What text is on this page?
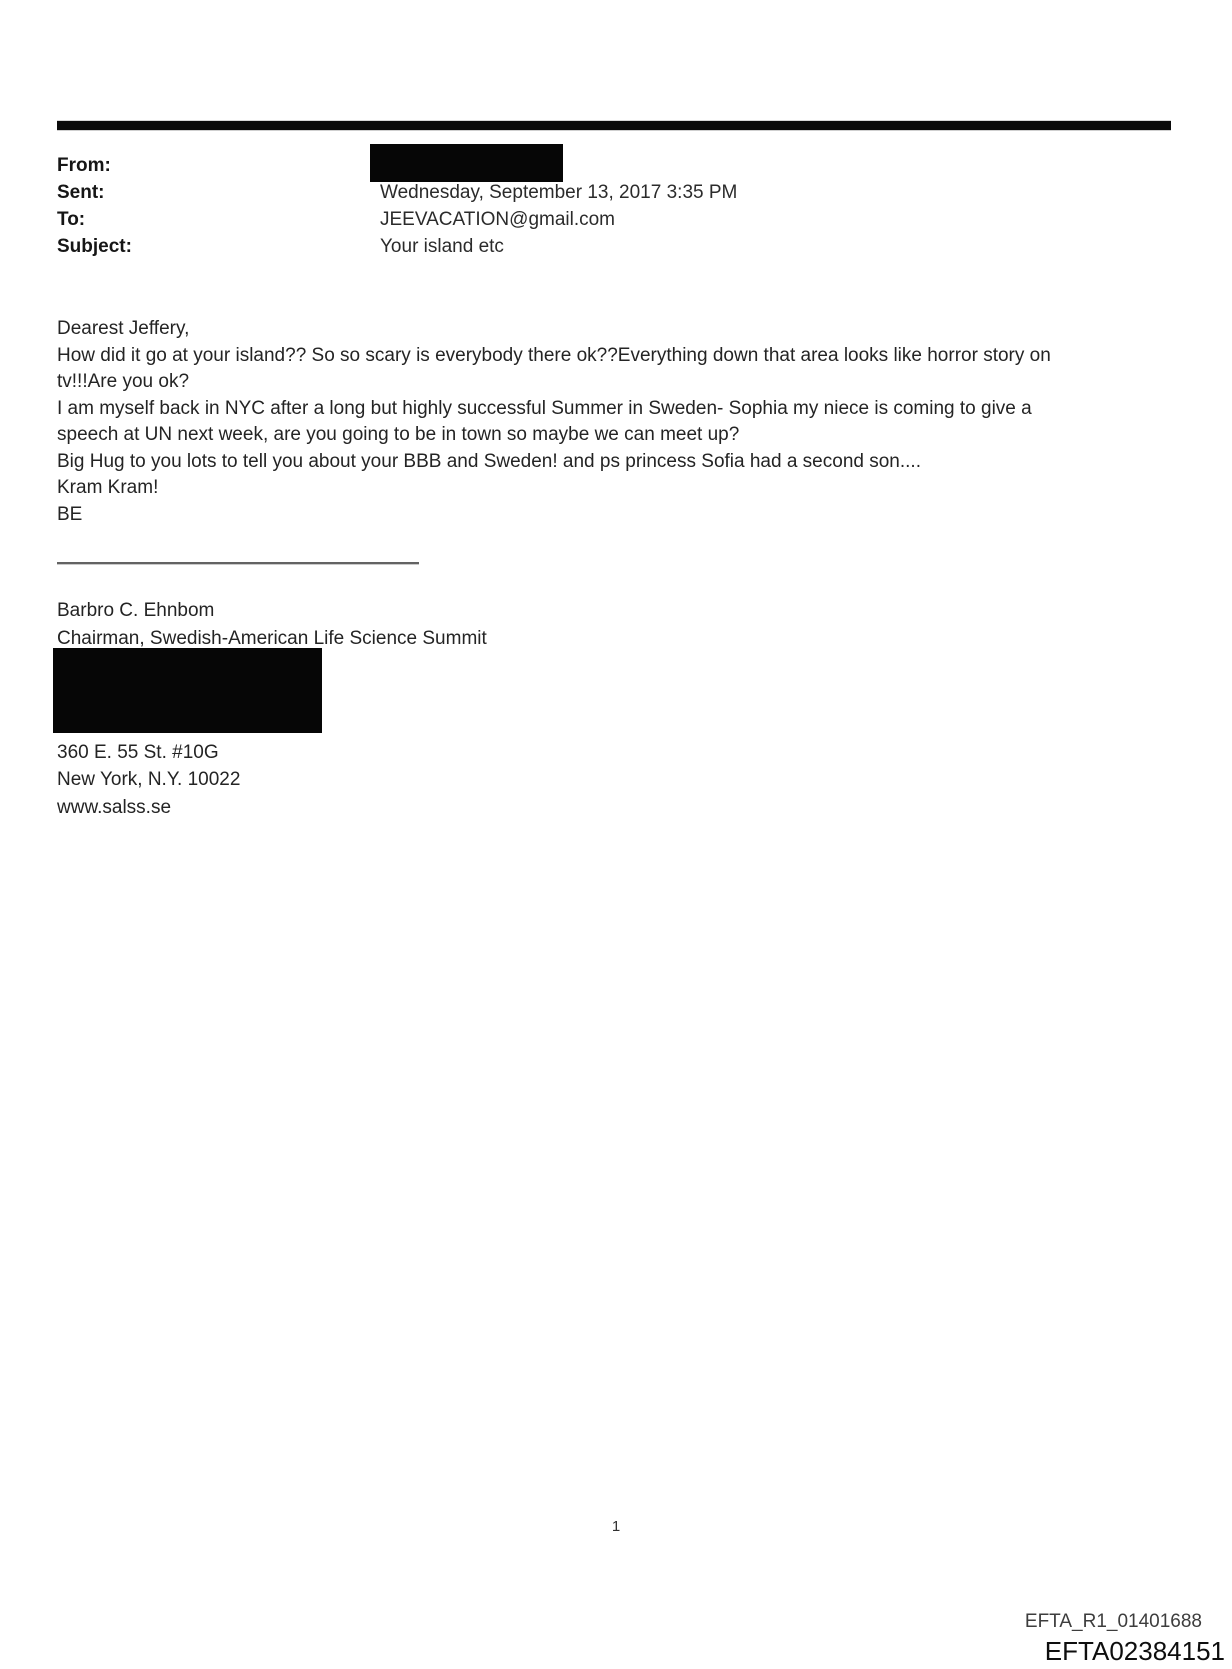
From:
Sent:	Wednesday, September 13, 2017 3:35 PM
To:	JEEVACATION@gmail.com
Subject:	Your island etc
Dearest Jeffery,
How did it go at your island?? So so scary is everybody there ok??Everything down that area looks like horror story on
tv!!!Are you ok?
I am myself back in NYC after a long but highly successful Summer in Sweden- Sophia my niece is coming to give a
speech at UN next week, are you going to be in town so maybe we can meet up?
Big Hug to you lots to tell you about your BBB and Sweden! and ps princess Sofia had a second son....
Kram Kram!
BE
Barbro C. Ehnbom
Chairman, Swedish-American Life Science Summit
360 E. 55 St. #10G
New York, N.Y. 10022
www.salss.se
1
EFTA_R1_01401688
EFTA02384151
